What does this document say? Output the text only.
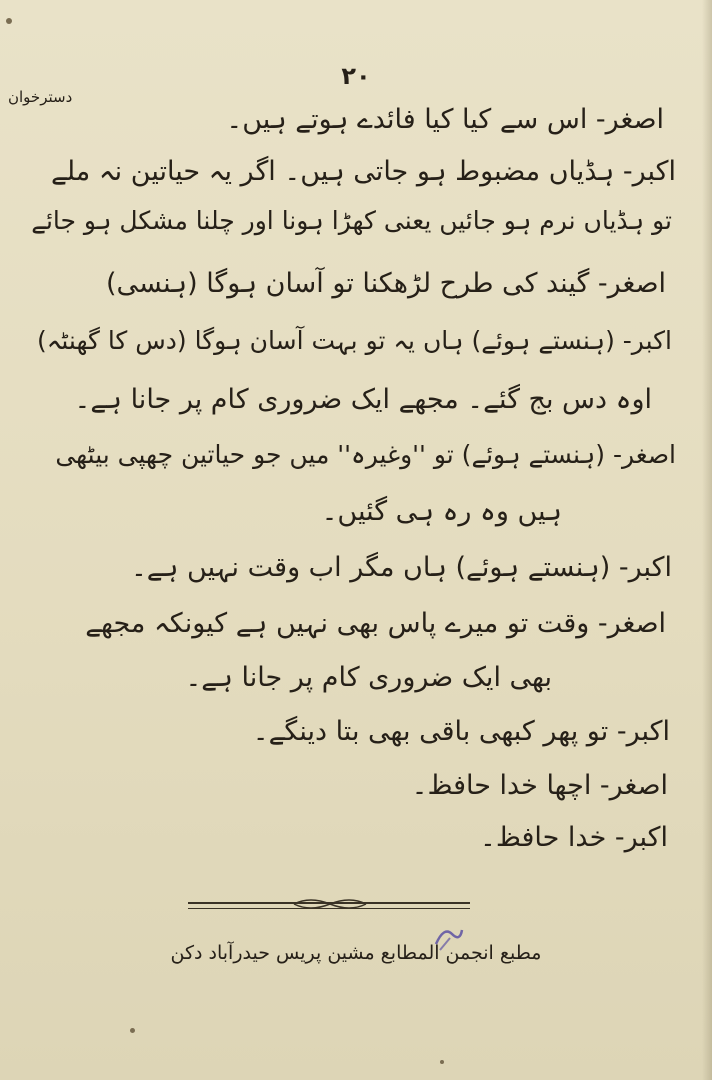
۲۰
دسترخوان
اصغر- اس سے کیا کیا فائدے ہوتے ہیں۔
اکبر- ہڈیاں مضبوط ہو جاتی ہیں۔ اگر یہ حیاتین نہ ملے
تو ہڈیاں نرم ہو جائیں یعنی کھڑا ہونا اور چلنا مشکل ہو جائے
اصغر- گیند کی طرح لڑھکنا تو آسان ہوگا (ہنسی)
اکبر- (ہنستے ہوئے) ہاں یہ تو بہت آسان ہوگا (دس کا گھنٹہ)
اوہ دس بج گئے۔ مجھے ایک ضروری کام پر جانا ہے۔
اصغر- (ہنستے ہوئے) تو ''وغیرہ'' میں جو حیاتین چھپی بیٹھی
ہیں وہ رہ ہی گئیں۔
اکبر- (ہنستے ہوئے) ہاں مگر اب وقت نہیں ہے۔
اصغر- وقت تو میرے پاس بھی نہیں ہے کیونکہ مجھے
بھی ایک ضروری کام پر جانا ہے۔
اکبر- تو پھر کبھی باقی بھی بتا دینگے۔
اصغر- اچھا خدا حافظ۔
اکبر- خدا حافظ۔
مطبع انجمن المطابع مشین پریس حیدرآباد دکن
